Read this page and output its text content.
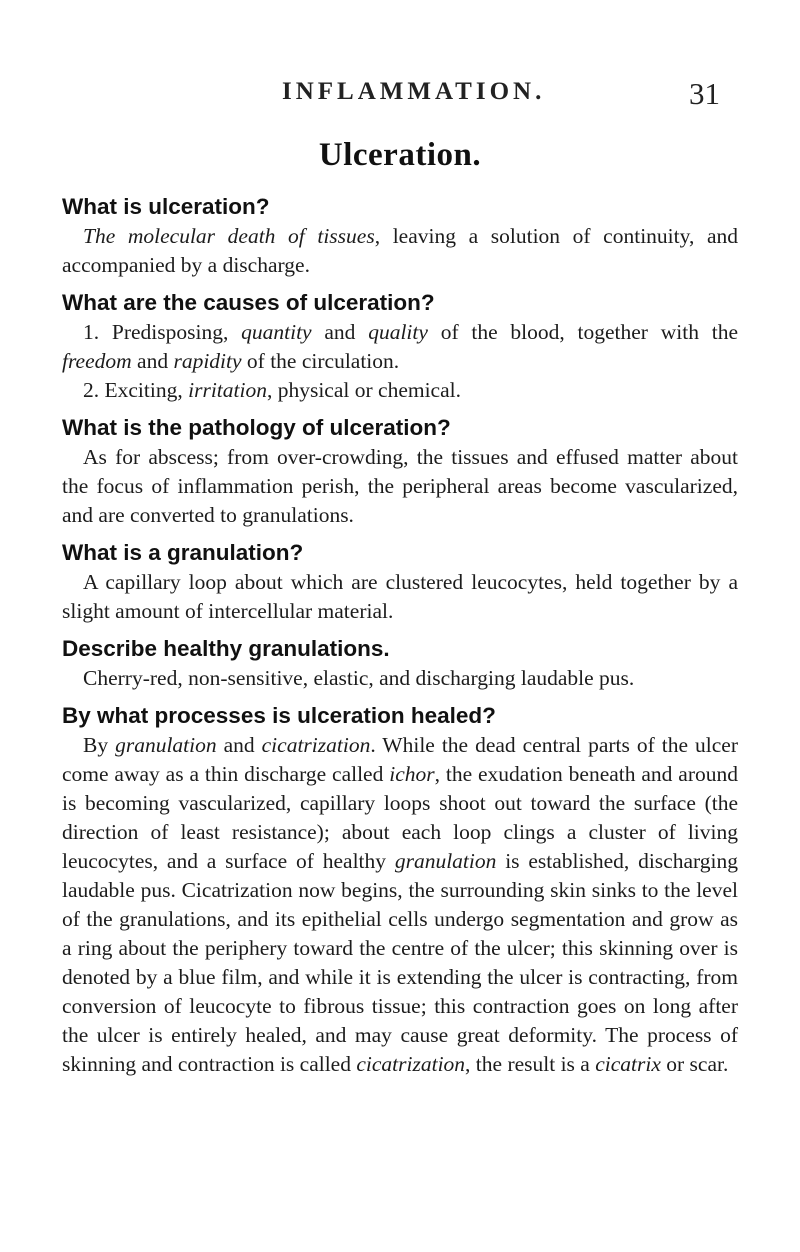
INFLAMMATION.	31
Ulceration.

What is ulceration?

The molecular death of tissues, leaving a solution of continuity, and accompanied by a discharge.

What are the causes of ulceration?

1. Predisposing, quantity and quality of the blood, together with the freedom and rapidity of the circulation.

2. Exciting, irritation, physical or chemical.

What is the pathology of ulceration?

As for abscess; from over-crowding, the tissues and effused matter about the focus of inflammation perish, the peripheral areas become vascularized, and are converted to granulations.

What is a granulation?

A capillary loop about which are clustered leucocytes, held together by a slight amount of intercellular material.

Describe healthy granulations.

Cherry-red, non-sensitive, elastic, and discharging laudable pus.

By what processes is ulceration healed?

By granulation and cicatrization. While the dead central parts of the ulcer come away as a thin discharge called ichor, the exudation beneath and around is becoming vascularized, capillary loops shoot out toward the surface (the direction of least resistance); about each loop clings a cluster of living leucocytes, and a surface of healthy granulation is established, discharging laudable pus. Cicatrization now begins, the surrounding skin sinks to the level of the granulations, and its epithelial cells undergo segmentation and grow as a ring about the periphery toward the centre of the ulcer; this skinning over is denoted by a blue film, and while it is extending the ulcer is contracting, from conversion of leucocyte to fibrous tissue; this contraction goes on long after the ulcer is entirely healed, and may cause great deformity. The process of skinning and contraction is called cicatrization, the result is a cicatrix or scar.
